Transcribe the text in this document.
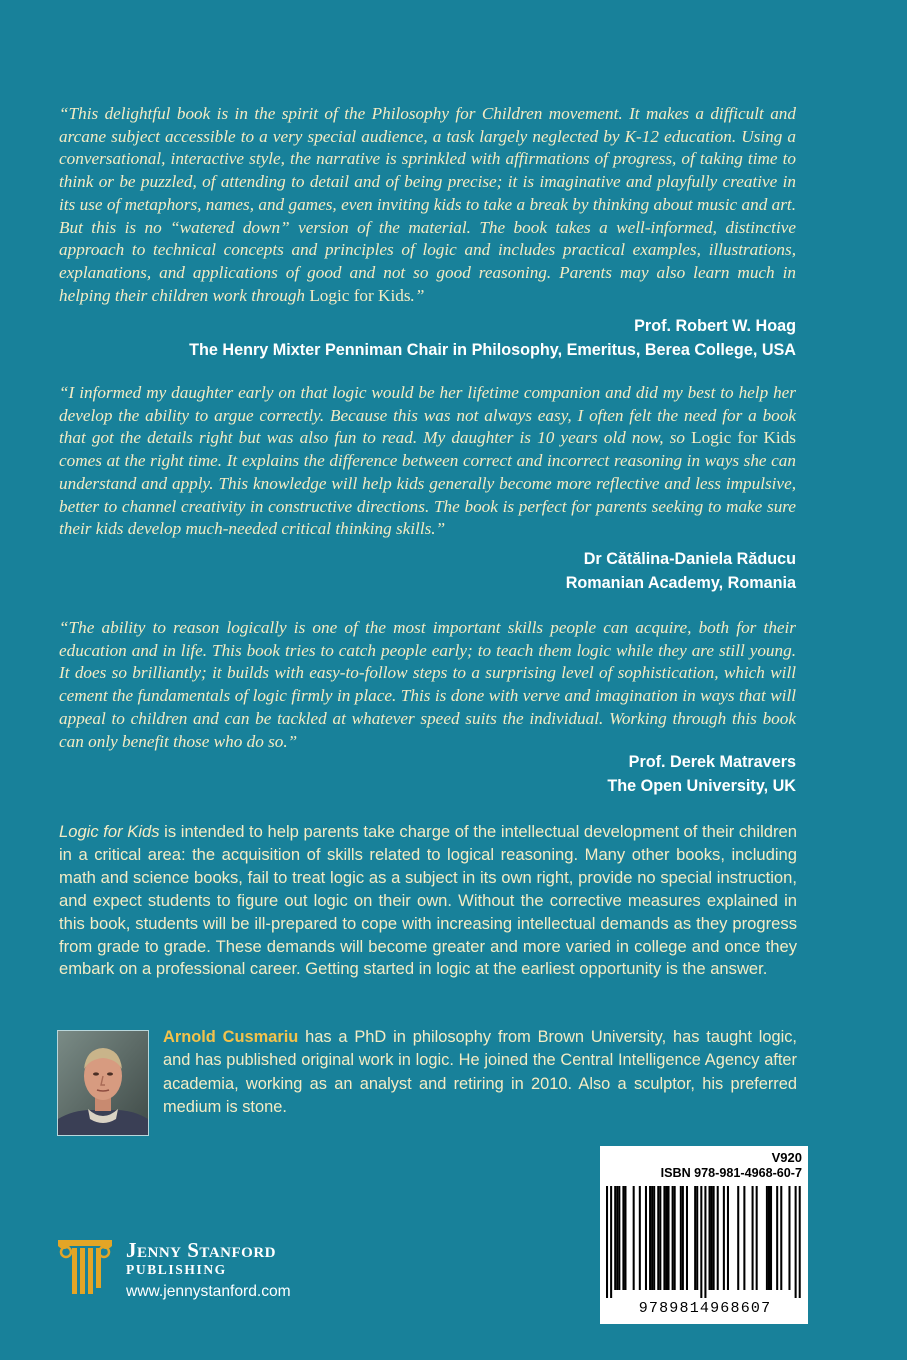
“This delightful book is in the spirit of the Philosophy for Children movement. It makes a difficult and arcane subject accessible to a very special audience, a task largely neglected by K-12 education. Using a conversational, interactive style, the narrative is sprinkled with affirmations of progress, of taking time to think or be puzzled, of attending to detail and of being precise; it is imaginative and playfully creative in its use of metaphors, names, and games, even inviting kids to take a break by thinking about music and art. But this is no “watered down” version of the material. The book takes a well-informed, distinctive approach to technical concepts and principles of logic and includes practical examples, illustrations, explanations, and applications of good and not so good reasoning. Parents may also learn much in helping their children work through Logic for Kids.”

Prof. Robert W. Hoag
The Henry Mixter Penniman Chair in Philosophy, Emeritus, Berea College, USA

“I informed my daughter early on that logic would be her lifetime companion and did my best to help her develop the ability to argue correctly. Because this was not always easy, I often felt the need for a book that got the details right but was also fun to read. My daughter is 10 years old now, so Logic for Kids comes at the right time. It explains the difference between correct and incorrect reasoning in ways she can understand and apply. This knowledge will help kids generally become more reflective and less impulsive, better to channel creativity in constructive directions. The book is perfect for parents seeking to make sure their kids develop much-needed critical thinking skills.”

Dr Cătălina-Daniela Răducu
Romanian Academy, Romania

“The ability to reason logically is one of the most important skills people can acquire, both for their education and in life. This book tries to catch people early; to teach them logic while they are still young. It does so brilliantly; it builds with easy-to-follow steps to a surprising level of sophistication, which will cement the fundamentals of logic firmly in place. This is done with verve and imagination in ways that will appeal to children and can be tackled at whatever speed suits the individual. Working through this book can only benefit those who do so.”

Prof. Derek Matravers
The Open University, UK

Logic for Kids is intended to help parents take charge of the intellectual development of their children in a critical area: the acquisition of skills related to logical reasoning. Many other books, including math and science books, fail to treat logic as a subject in its own right, provide no special instruction, and expect students to figure out logic on their own. Without the corrective measures explained in this book, students will be ill-prepared to cope with increasing intellectual demands as they progress from grade to grade. These demands will become greater and more varied in college and once they embark on a professional career. Getting started in logic at the earliest opportunity is the answer.

Arnold Cusmariu has a PhD in philosophy from Brown University, has taught logic, and has published original work in logic. He joined the Central Intelligence Agency after academia, working as an analyst and retiring in 2010. Also a sculptor, his preferred medium is stone.

V920
ISBN 978-981-4968-60-7
9789814968607
Jenny Stanford
PUBLISHING
www.jennystanford.com
